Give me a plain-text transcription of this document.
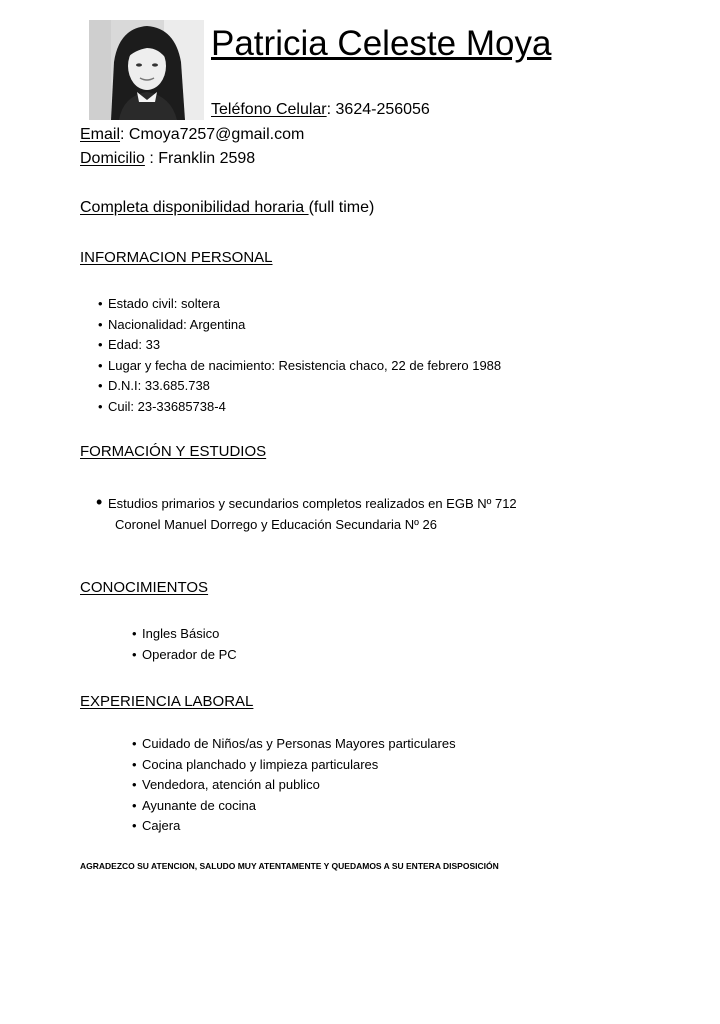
Patricia Celeste Moya
Teléfono Celular: 3624-256056
Email: Cmoya7257@gmail.com
Domicilio : Franklin 2598
Completa disponibilidad horaria (full time)
INFORMACION PERSONAL
• Estado civil: soltera
• Nacionalidad: Argentina
• Edad: 33
• Lugar y fecha de nacimiento: Resistencia chaco, 22 de febrero 1988
• D.N.I: 33.685.738
• Cuil: 23-33685738-4
FORMACIÓN Y ESTUDIOS
• Estudios primarios y secundarios completos realizados en EGB Nº 712
Coronel Manuel Dorrego y Educación Secundaria Nº 26
CONOCIMIENTOS
• Ingles Básico
• Operador de PC
EXPERIENCIA LABORAL
• Cuidado de Niños/as y Personas Mayores particulares
• Cocina planchado y limpieza particulares
• Vendedora, atención al publico
• Ayunante de cocina
• Cajera
AGRADEZCO SU ATENCION, SALUDO MUY ATENTAMENTE Y QUEDAMOS A SU ENTERA DISPOSICIÓN
